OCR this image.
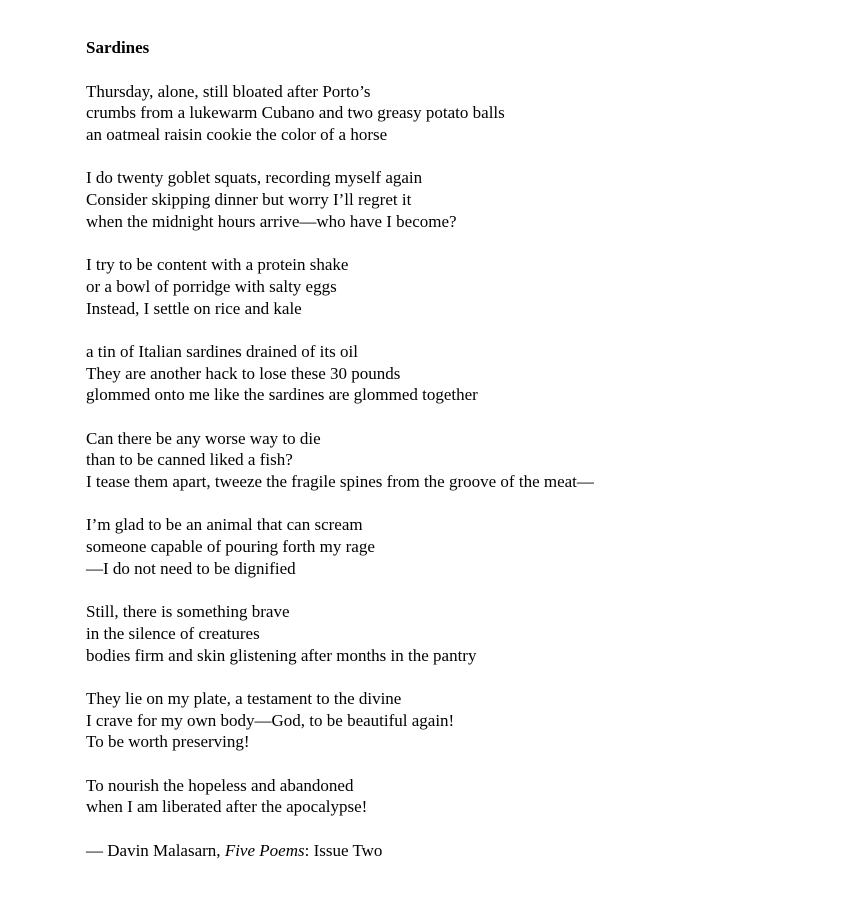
Sardines
Thursday, alone, still bloated after Porto’s
crumbs from a lukewarm Cubano and two greasy potato balls
an oatmeal raisin cookie the color of a horse
I do twenty goblet squats, recording myself again
Consider skipping dinner but worry I’ll regret it
when the midnight hours arrive—who have I become?
I try to be content with a protein shake
or a bowl of porridge with salty eggs
Instead, I settle on rice and kale
a tin of Italian sardines drained of its oil
They are another hack to lose these 30 pounds
glommed onto me like the sardines are glommed together
Can there be any worse way to die
than to be canned liked a fish?
I tease them apart, tweeze the fragile spines from the groove of the meat—
I’m glad to be an animal that can scream
someone capable of pouring forth my rage
—I do not need to be dignified
Still, there is something brave
in the silence of creatures
bodies firm and skin glistening after months in the pantry
They lie on my plate, a testament to the divine
I crave for my own body—God, to be beautiful again!
To be worth preserving!
To nourish the hopeless and abandoned
when I am liberated after the apocalypse!
— Davin Malasarn, Five Poems: Issue Two
